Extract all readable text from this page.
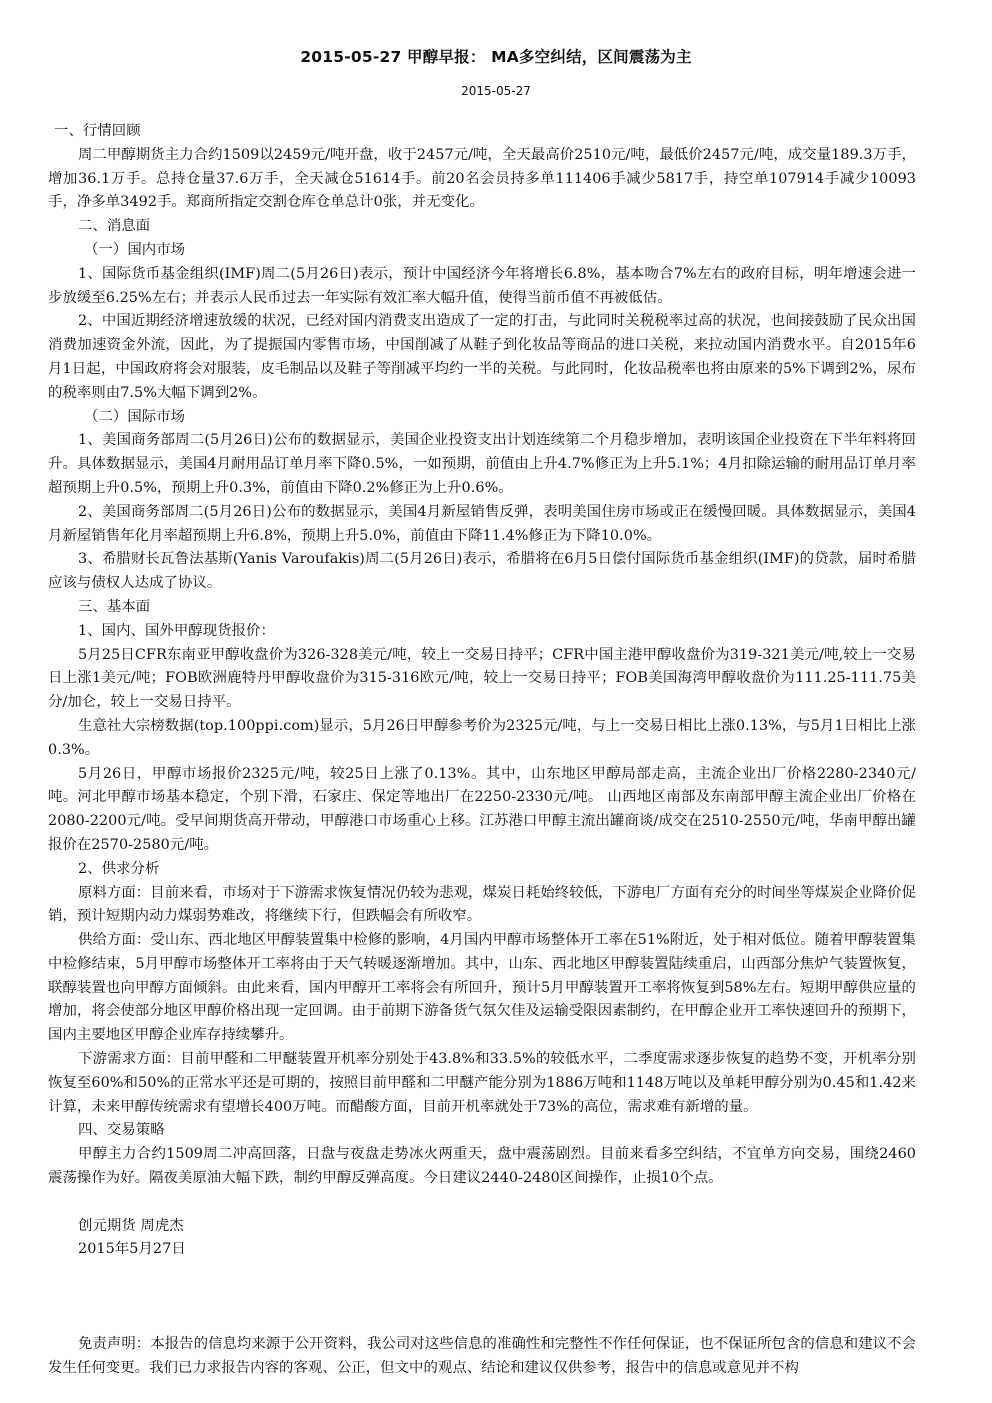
2015-05-27 甲醇早报： MA多空纠结，区间震荡为主
2015-05-27

一、行情回顾

周二甲醇期货主力合约1509以2459元/吨开盘，收于2457元/吨，全天最高价2510元/吨，最低价2457元/吨，成交量189.3万手，增加36.1万手。总持仓量37.6万手，全天减仓51614手。前20名会员持多单111406手减少5817手，持空单107914手减少10093手，净多单3492手。郑商所指定交割仓库仓单总计0张，并无变化。

二、消息面

（一）国内市场

1、国际货币基金组织(IMF)周二(5月26日)表示，预计中国经济今年将增长6.8%，基本吻合7%左右的政府目标，明年增速会进一步放缓至6.25%左右；并表示人民币过去一年实际有效汇率大幅升值，使得当前币值不再被低估。

2、中国近期经济增速放缓的状况，已经对国内消费支出造成了一定的打击，与此同时关税税率过高的状况，也间接鼓励了民众出国消费加速资金外流，因此，为了提振国内零售市场，中国削减了从鞋子到化妆品等商品的进口关税，来拉动国内消费水平。自2015年6月1日起，中国政府将会对服装，皮毛制品以及鞋子等削减平均约一半的关税。与此同时，化妆品税率也将由原来的5%下调到2%，尿布的税率则由7.5%大幅下调到2%。

（二）国际市场

1、美国商务部周二(5月26日)公布的数据显示，美国企业投资支出计划连续第二个月稳步增加，表明该国企业投资在下半年料将回升。具体数据显示，美国4月耐用品订单月率下降0.5%，一如预期，前值由上升4.7%修正为上升5.1%；4月扣除运输的耐用品订单月率超预期上升0.5%，预期上升0.3%，前值由下降0.2%修正为上升0.6%。

2、美国商务部周二(5月26日)公布的数据显示，美国4月新屋销售反弹，表明美国住房市场或正在缓慢回暖。具体数据显示，美国4月新屋销售年化月率超预期上升6.8%，预期上升5.0%，前值由下降11.4%修正为下降10.0%。

3、希腊财长瓦鲁法基斯(Yanis Varoufakis)周二(5月26日)表示，希腊将在6月5日偿付国际货币基金组织(IMF)的贷款，届时希腊应该与债权人达成了协议。

三、基本面

1、国内、国外甲醇现货报价：

5月25日CFR东南亚甲醇收盘价为326-328美元/吨，较上一交易日持平；CFR中国主港甲醇收盘价为319-321美元/吨,较上一交易日上涨1美元/吨；FOB欧洲鹿特丹甲醇收盘价为315-316欧元/吨，较上一交易日持平；FOB美国海湾甲醇收盘价为111.25-111.75美分/加仑，较上一交易日持平。

生意社大宗榜数据(top.100ppi.com)显示，5月26日甲醇参考价为2325元/吨，与上一交易日相比上涨0.13%，与5月1日相比上涨0.3%。

5月26日，甲醇市场报价2325元/吨，较25日上涨了0.13%。其中，山东地区甲醇局部走高，主流企业出厂价格2280-2340元/吨。河北甲醇市场基本稳定，个别下滑，石家庄、保定等地出厂在2250-2330元/吨。 山西地区南部及东南部甲醇主流企业出厂价格在2080-2200元/吨。受早间期货高开带动，甲醇港口市场重心上移。江苏港口甲醇主流出罐商谈/成交在2510-2550元/吨，华南甲醇出罐报价在2570-2580元/吨。

2、供求分析

原料方面：目前来看，市场对于下游需求恢复情况仍较为悲观，煤炭日耗始终较低，下游电厂方面有充分的时间坐等煤炭企业降价促销，预计短期内动力煤弱势难改，将继续下行，但跌幅会有所收窄。

供给方面：受山东、西北地区甲醇装置集中检修的影响，4月国内甲醇市场整体开工率在51%附近，处于相对低位。随着甲醇装置集中检修结束，5月甲醇市场整体开工率将由于天气转暖逐渐增加。其中，山东、西北地区甲醇装置陆续重启，山西部分焦炉气装置恢复，联醇装置也向甲醇方面倾斜。由此来看，国内甲醇开工率将会有所回升，预计5月甲醇装置开工率将恢复到58%左右。短期甲醇供应量的增加，将会使部分地区甲醇价格出现一定回调。由于前期下游备货气氛欠佳及运输受限因素制约，在甲醇企业开工率快速回升的预期下，国内主要地区甲醇企业库存持续攀升。

下游需求方面：目前甲醛和二甲醚装置开机率分别处于43.8%和33.5%的较低水平，二季度需求逐步恢复的趋势不变，开机率分别恢复至60%和50%的正常水平还是可期的，按照目前甲醛和二甲醚产能分别为1886万吨和1148万吨以及单耗甲醇分别为0.45和1.42来计算，未来甲醇传统需求有望增长400万吨。而醋酸方面，目前开机率就处于73%的高位，需求难有新增的量。

四、交易策略

甲醇主力合约1509周二冲高回落，日盘与夜盘走势冰火两重天，盘中震荡剧烈。目前来看多空纠结，不宜单方向交易，围绕2460震荡操作为好。隔夜美原油大幅下跌，制约甲醇反弹高度。今日建议2440-2480区间操作，止损10个点。

创元期货 周虎杰

2015年5月27日

免责声明：本报告的信息均来源于公开资料，我公司对这些信息的准确性和完整性不作任何保证，也不保证所包含的信息和建议不会发生任何变更。我们已力求报告内容的客观、公正，但文中的观点、结论和建议仅供参考，报告中的信息或意见并不构
